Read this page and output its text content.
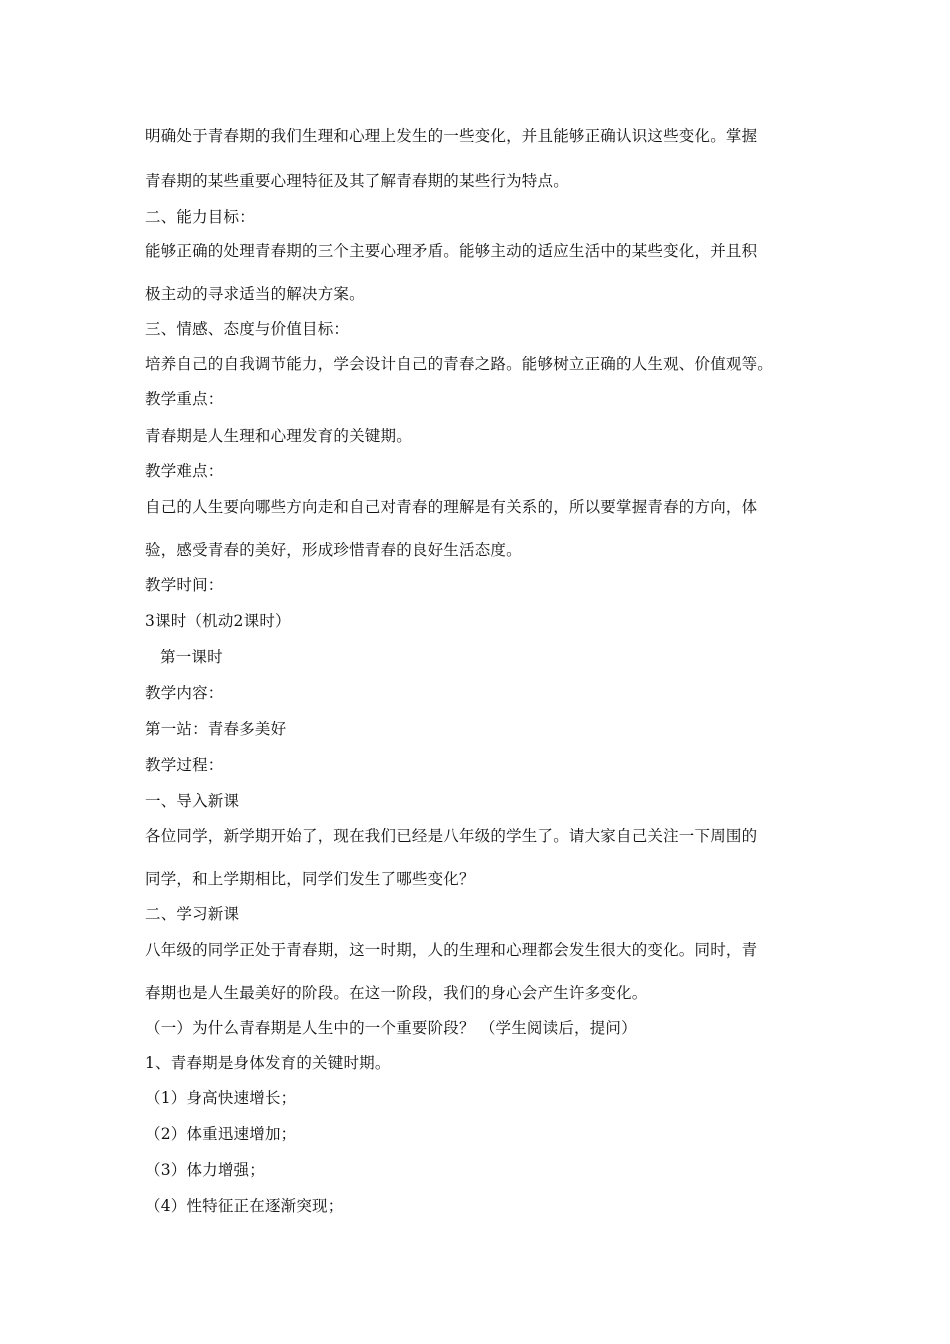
明确处于青春期的我们生理和心理上发生的一些变化，并且能够正确认识这些变化。掌握
青春期的某些重要心理特征及其了解青春期的某些行为特点。
二、能力目标：
能够正确的处理青春期的三个主要心理矛盾。能够主动的适应生活中的某些变化，并且积
极主动的寻求适当的解决方案。
三、情感、态度与价值目标：
培养自己的自我调节能力，学会设计自己的青春之路。能够树立正确的人生观、价值观等。
教学重点：
青春期是人生理和心理发育的关键期。
教学难点：
自己的人生要向哪些方向走和自己对青春的理解是有关系的，所以要掌握青春的方向，体
验，感受青春的美好，形成珍惜青春的良好生活态度。
教学时间：
3课时（机动2课时）
第一课时
教学内容：
第一站：青春多美好
教学过程：
一、导入新课
各位同学，新学期开始了，现在我们已经是八年级的学生了。请大家自己关注一下周围的
同学，和上学期相比，同学们发生了哪些变化？
二、学习新课
八年级的同学正处于青春期，这一时期，人的生理和心理都会发生很大的变化。同时，青
春期也是人生最美好的阶段。在这一阶段，我们的身心会产生许多变化。
（一）为什么青春期是人生中的一个重要阶段？ （学生阅读后，提问）
1、青春期是身体发育的关键时期。
（1）身高快速增长；
（2）体重迅速增加；
（3）体力增强；
（4）性特征正在逐渐突现；
